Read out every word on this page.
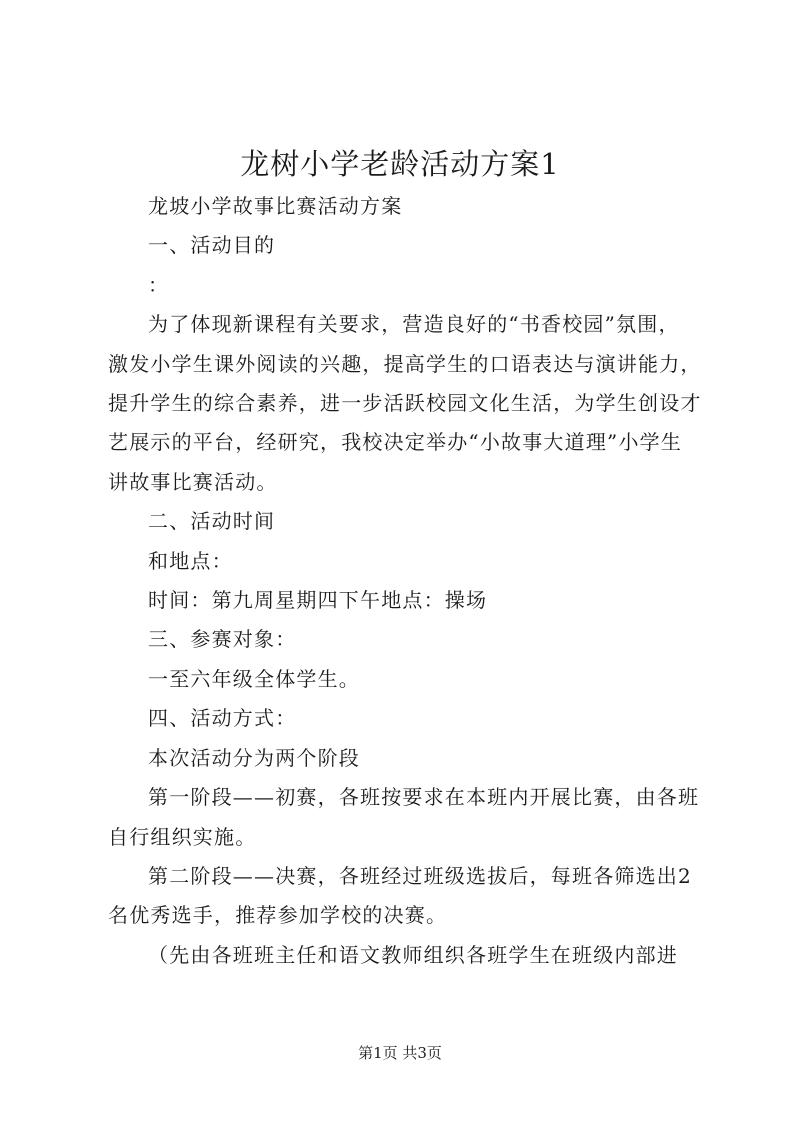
龙树小学老龄活动方案1

龙坡小学故事比赛活动方案

一、活动目的

：

为了体现新课程有关要求，营造良好的“书香校园”氛围，

激发小学生课外阅读的兴趣，提高学生的口语表达与演讲能力，

提升学生的综合素养，进一步活跃校园文化生活，为学生创设才

艺展示的平台，经研究，我校决定举办“小故事大道理”小学生

讲故事比赛活动。

二、活动时间

和地点：

时间：第九周星期四下午地点：操场

三、参赛对象：

一至六年级全体学生。

四、活动方式：

本次活动分为两个阶段

第一阶段——初赛，各班按要求在本班内开展比赛，由各班

自行组织实施。

第二阶段——决赛，各班经过班级选拔后，每班各筛选出2

名优秀选手，推荐参加学校的决赛。

（先由各班班主任和语文教师组织各班学生在班级内部进

第1页 共3页
